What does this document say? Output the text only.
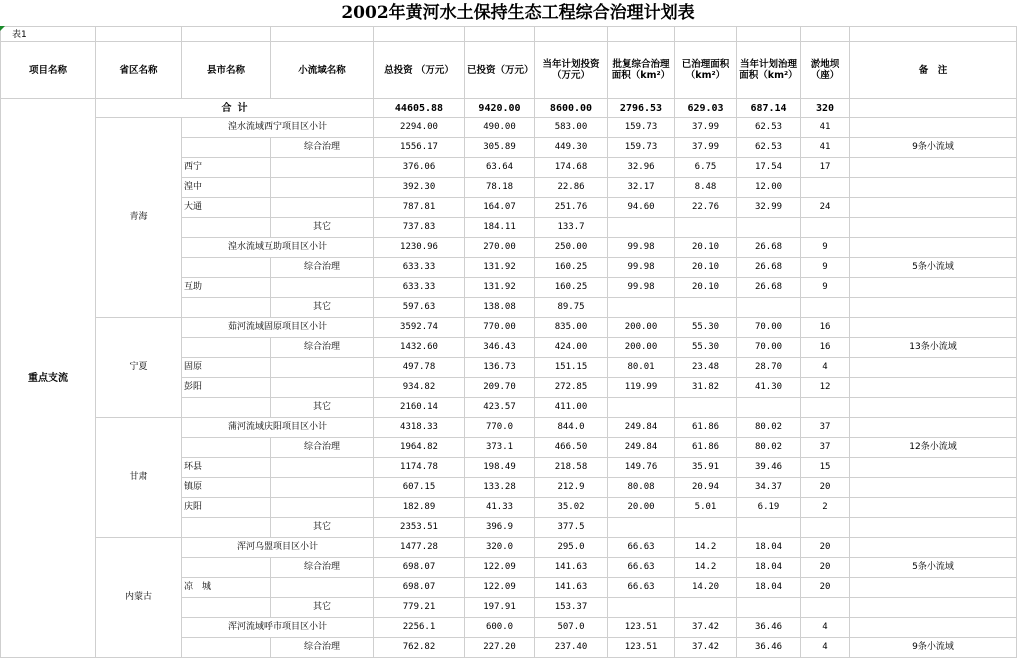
2002年黄河水土保持生态工程综合治理计划表

项目名称	省区名称	县市名称	小流域名称	总投资 （万元）	已投资（万元）	当年计划投资（万元）	批复综合治理面积（km²）	已治理面积（km²）	当年计划治理面积（km²）	淤地坝（座）	备　注
重点支流	合 计			44605.88	9420.00	8600.00	2796.53	629.03	687.14	320	
	青海	湟水流域西宁项目区小计		2294.00	490.00	583.00	159.73	37.99	62.53	41	
			综合治理	1556.17	305.89	449.30	159.73	37.99	62.53	41	9条小流域
		西宁		376.06	63.64	174.68	32.96	6.75	17.54	17	
		湟中		392.30	78.18	22.86	32.17	8.48	12.00		
		大通		787.81	164.07	251.76	94.60	22.76	32.99	24	
			其它	737.83	184.11	133.7					
		湟水流域互助项目区小计		1230.96	270.00	250.00	99.98	20.10	26.68	9	
			综合治理	633.33	131.92	160.25	99.98	20.10	26.68	9	5条小流域
		互助		633.33	131.92	160.25	99.98	20.10	26.68	9	
			其它	597.63	138.08	89.75					
	宁夏	茹河流域固原项目区小计		3592.74	770.00	835.00	200.00	55.30	70.00	16	
			综合治理	1432.60	346.43	424.00	200.00	55.30	70.00	16	13条小流域
		固原		497.78	136.73	151.15	80.01	23.48	28.70	4	
		彭阳		934.82	209.70	272.85	119.99	31.82	41.30	12	
			其它	2160.14	423.57	411.00					
	甘肃	蒲河流域庆阳项目区小计		4318.33	770.0	844.0	249.84	61.86	80.02	37	
			综合治理	1964.82	373.1	466.50	249.84	61.86	80.02	37	12条小流域
		环县		1174.78	198.49	218.58	149.76	35.91	39.46	15	
		镇原		607.15	133.28	212.9	80.08	20.94	34.37	20	
		庆阳		182.89	41.33	35.02	20.00	5.01	6.19	2	
			其它	2353.51	396.9	377.5					
	内蒙古	浑河乌盟项目区小计		1477.28	320.0	295.0	66.63	14.2	18.04	20	
			综合治理	698.07	122.09	141.63	66.63	14.2	18.04	20	5条小流域
		凉　城		698.07	122.09	141.63	66.63	14.20	18.04	20	
			其它	779.21	197.91	153.37					
		浑河流域呼市项目区小计		2256.1	600.0	507.0	123.51	37.42	36.46	4	
			综合治理	762.82	227.20	237.40	123.51	37.42	36.46	4	9条小流域
表1
